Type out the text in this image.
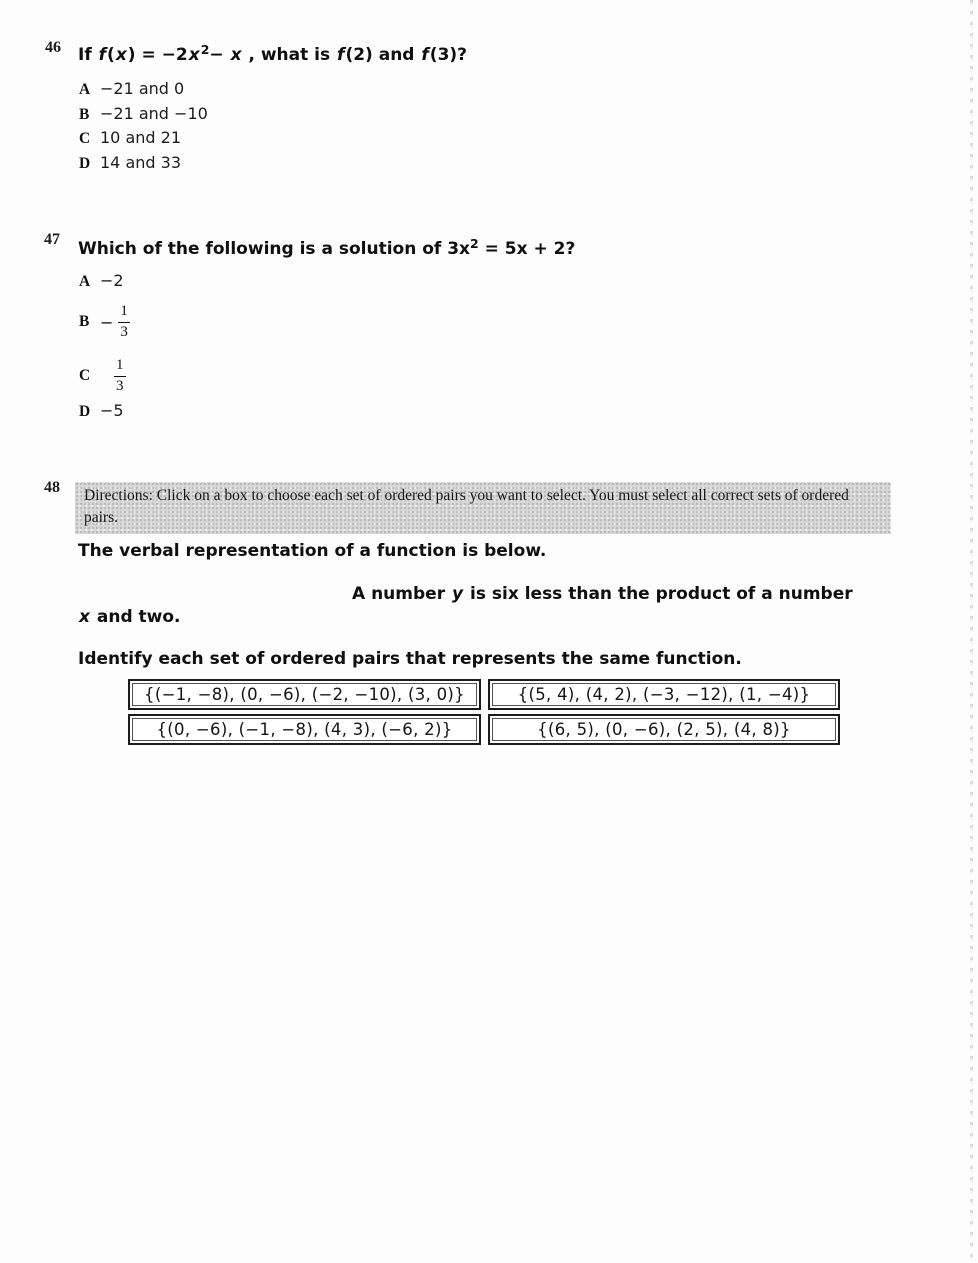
46 If $f(x) = -2x^2- x$ , what is f(2) and f(3)?
A −21 and 0
B −21 and −10
C 10 and 21
D 14 and 33
47 Which of the following is a solution of $3x^2 = 5x + 2$?
A −2
$B - \frac{1}{3}$
C	$\frac{1}{3}$
D −5
48	Directions: Click on a box to choose each set of ordered pairs you want to select. You must select all correct sets of ordered pairs.
The verbal representation of a function is below.
A number y is six less than the product of a number
x and two.
Identify each set of ordered pairs that represents the same function.
{(−1, −8), (0, −6), (−2, −10), (3, 0)}	{(5, 4), (4, 2), (−3, −12), (1, −4)}
{(0, −6), (−1, −8), (4, 3), (−6, 2)}	{(6, 5), (0, −6), (2, 5), (4, 8)}
